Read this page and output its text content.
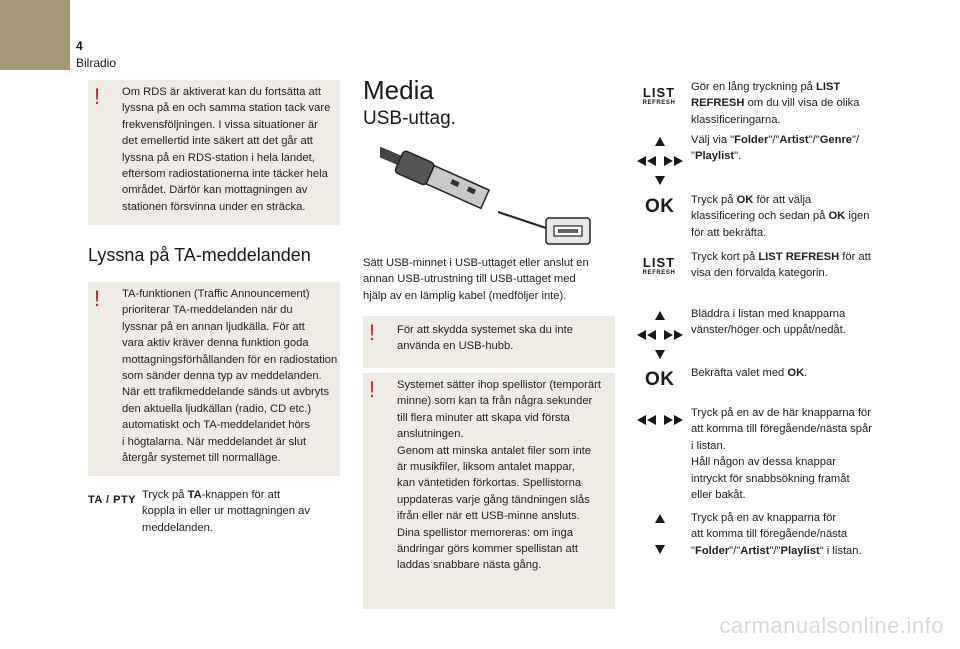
4
Bilradio
! Om RDS är aktiverat kan du fortsätta att
lyssna på en och samma station tack vare
frekvensföljningen. I vissa situationer är
det emellertid inte säkert att det går att
lyssna på en RDS-station i hela landet,
eftersom radiostationerna inte täcker hela
området. Därför kan mottagningen av
stationen försvinna under en sträcka.
Lyssna på TA-meddelanden
! TA-funktionen (Traffic Announcement)
prioriterar TA-meddelanden när du
lyssnar på en annan ljudkälla. För att
vara aktiv kräver denna funktion goda
mottagningsförhållanden för en radiostation
som sänder denna typ av meddelanden.
När ett trafikmeddelande sänds ut avbryts
den aktuella ljudkällan (radio, CD etc.)
automatiskt och TA-meddelandet hörs
i högtalarna. När meddelandet är slut
återgår systemet till normalläge.
TA / PTY Tryck på TA-knappen för att
koppla in eller ur mottagningen av
meddelanden.
Media
USB-uttag.
Sätt USB-minnet i USB-uttaget eller anslut en
annan USB-utrustning till USB-uttaget med
hjälp av en lämplig kabel (medföljer inte).
! För att skydda systemet ska du inte
använda en USB-hubb.
! Systemet sätter ihop spellistor (temporärt
minne) som kan ta från några sekunder
till flera minuter att skapa vid första
anslutningen.
Genom att minska antalet filer som inte
är musikfiler, liksom antalet mappar,
kan väntetiden förkortas. Spellistorna
uppdateras varje gång tändningen slås
ifrån eller när ett USB-minne ansluts.
Dina spellistor memoreras: om inga
ändringar görs kommer spellistan att
laddas snabbare nästa gång.
LIST
REFRESH
Gör en lång tryckning på LIST
REFRESH om du vill visa de olika
klassificeringarna.
Välj via "Folder"/"Artist"/"Genre"/
"Playlist".
OK Tryck på OK för att välja
klassificering och sedan på OK igen
för att bekräfta.
LIST
REFRESH
Tryck kort på LIST REFRESH för att
visa den förvalda kategorin.
Bläddra i listan med knapparna
vänster/höger och uppåt/nedåt.
OK Bekräfta valet med OK.
Tryck på en av de här knapparna för
att komma till föregående/nästa spår
i listan.
Håll någon av dessa knappar
intryckt för snabbsökning framåt
eller bakåt.
Tryck på en av knapparna för
att komma till föregående/nästa
"Folder"/"Artist"/"Playlist" i listan.
carmanualsonline.info
